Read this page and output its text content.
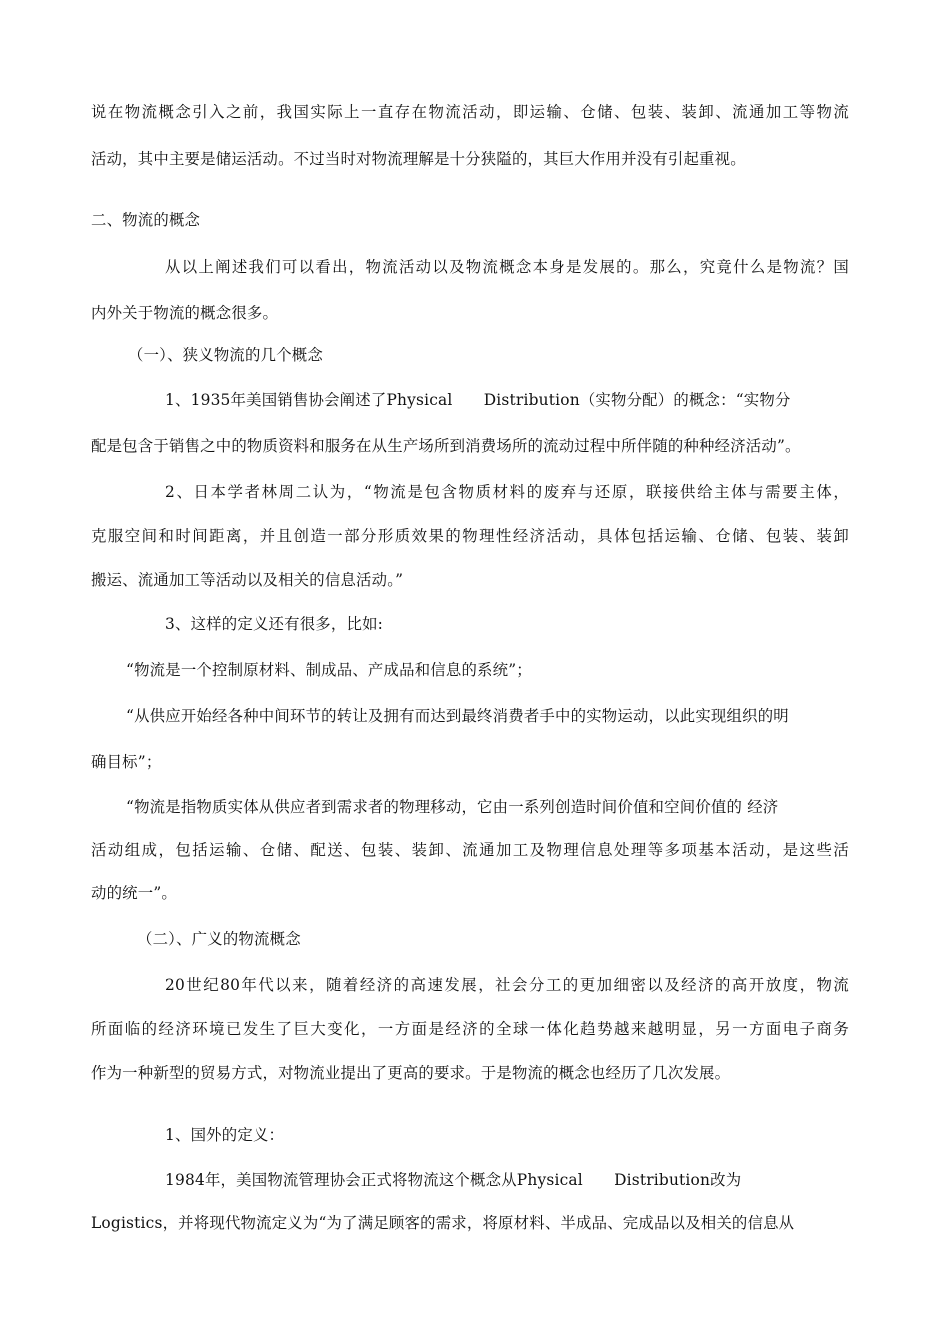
说在物流概念引入之前，我国实际上一直存在物流活动，即运输、仓储、包装、装卸、流通加工等物流
活动，其中主要是储运活动。不过当时对物流理解是十分狭隘的，其巨大作用并没有引起重视。
二、物流的概念
从以上阐述我们可以看出，物流活动以及物流概念本身是发展的。那么，究竟什么是物流？国
内外关于物流的概念很多。
（一）、狭义物流的几个概念
1、1935年美国销售协会阐述了Physical　　Distribution（实物分配）的概念：“实物分
配是包含于销售之中的物质资料和服务在从生产场所到消费场所的流动过程中所伴随的种种经济活动”。
2、日本学者林周二认为，“物流是包含物质材料的废弃与还原，联接供给主体与需要主体，
克服空间和时间距离，并且创造一部分形质效果的物理性经济活动，具体包括运输、仓储、包装、装卸
搬运、流通加工等活动以及相关的信息活动。”
3、这样的定义还有很多，比如:
“物流是一个控制原材料、制成品、产成品和信息的系统”；
“从供应开始经各种中间环节的转让及拥有而达到最终消费者手中的实物运动，以此实现组织的明
确目标”；
“物流是指物质实体从供应者到需求者的物理移动，它由一系列创造时间价值和空间价值的 经济
活动组成，包括运输、仓储、配送、包装、装卸、流通加工及物理信息处理等多项基本活动，是这些活
动的统一”。
（二）、广义的物流概念
20世纪80年代以来，随着经济的高速发展，社会分工的更加细密以及经济的高开放度，物流
所面临的经济环境已发生了巨大变化，一方面是经济的全球一体化趋势越来越明显，另一方面电子商务
作为一种新型的贸易方式，对物流业提出了更高的要求。于是物流的概念也经历了几次发展。
1、国外的定义：
1984年，美国物流管理协会正式将物流这个概念从Physical　　Distribution改为
Logistics，并将现代物流定义为“为了满足顾客的需求，将原材料、半成品、完成品以及相关的信息从
